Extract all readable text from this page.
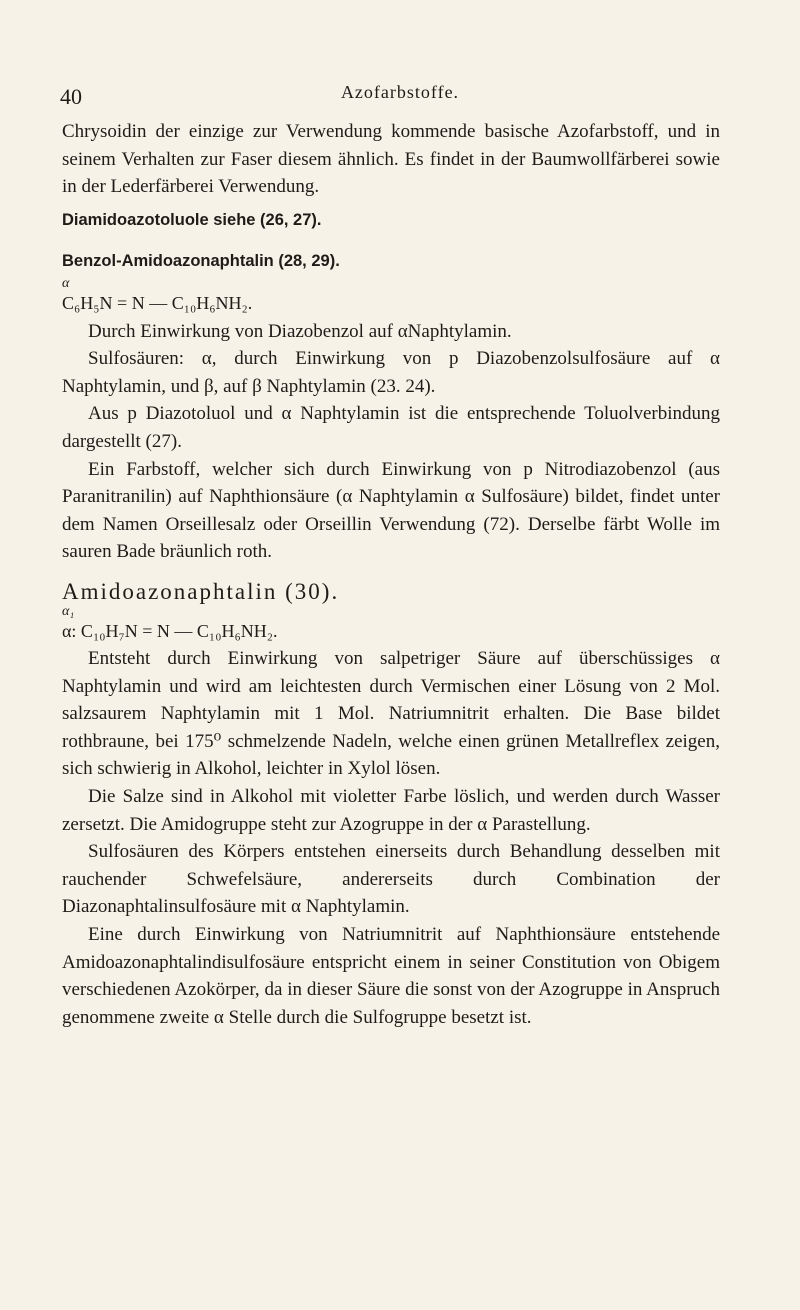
40	Azofarbstoffe.

Chrysoidin der einzige zur Verwendung kommende basische Azofarbstoff, und in seinem Verhalten zur Faser diesem ähnlich. Es findet in der Baumwollfärberei sowie in der Lederfärberei Verwendung.

Diamidoazotoluole siehe (26, 27).

Benzol-Amidoazonaphtalin (28, 29).

α

C₆H₅N = N — C₁₀H₆NH₂.

Durch Einwirkung von Diazobenzol auf αNaphtylamin.

Sulfosäuren: α, durch Einwirkung von p Diazobenzolsulfosäure auf α Naphtylamin, und β, auf β Naphtylamin (23. 24).

Aus p Diazotoluol und α Naphtylamin ist die entsprechende Toluolverbindung dargestellt (27).

Ein Farbstoff, welcher sich durch Einwirkung von p Nitrodiazobenzol (aus Paranitranilin) auf Naphthionsäure (α Naphtylamin α Sulfosäure) bildet, findet unter dem Namen Orseillesalz oder Orseillin Verwendung (72). Derselbe färbt Wolle im sauren Bade bräunlich roth.

Amidoazonaphtalin (30).

α₁

α: C₁₀H₇N = N — C₁₀H₆NH₂.

Entsteht durch Einwirkung von salpetriger Säure auf überschüssiges α Naphtylamin und wird am leichtesten durch Vermischen einer Lösung von 2 Mol. salzsaurem Naphtylamin mit 1 Mol. Natriumnitrit erhalten. Die Base bildet rothbraune, bei 175⁰ schmelzende Nadeln, welche einen grünen Metallreflex zeigen, sich schwierig in Alkohol, leichter in Xylol lösen.

Die Salze sind in Alkohol mit violetter Farbe löslich, und werden durch Wasser zersetzt. Die Amidogruppe steht zur Azogruppe in der α Parastellung.

Sulfosäuren des Körpers entstehen einerseits durch Behandlung desselben mit rauchender Schwefelsäure, andererseits durch Combination der Diazonaphtalinsulfosäure mit α Naphtylamin.

Eine durch Einwirkung von Natriumnitrit auf Naphthionsäure entstehende Amidoazonaphtalindisulfosäure entspricht einem in seiner Constitution von Obigem verschiedenen Azokörper, da in dieser Säure die sonst von der Azogruppe in Anspruch genommene zweite α Stelle durch die Sulfogruppe besetzt ist.
